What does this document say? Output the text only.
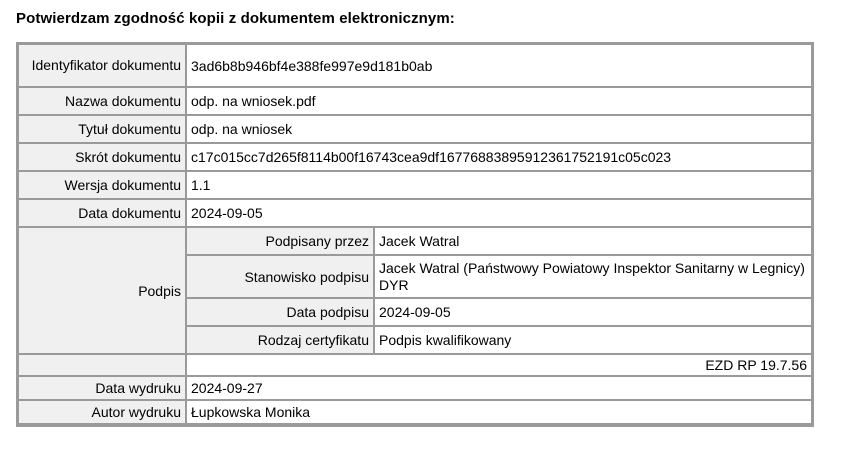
Potwierdzam zgodność kopii z dokumentem elektronicznym:
Identyfikator dokumentu	3ad6b8b946bf4e388fe997e9d181b0ab	
Nazwa dokumentu	odp. na wniosek.pdf	
Tytuł dokumentu	odp. na wniosek	
Skrót dokumentu	c17c015cc7d265f8114b00f16743cea9df16776883895912361752191c05c023	
Wersja dokumentu	1.1	
Data dokumentu	2024-09-05	
Podpis	Podpisany przez	Jacek Watral
	Stanowisko podpisu	Jacek Watral (Państwowy Powiatowy Inspektor Sanitarny w Legnicy) DYR

	Data podpisu	2024-09-05
	Rodzaj certyfikatu	Podpis kwalifikowany
	EZD RP 19.7.56	
Data wydruku	2024-09-27	
Autor wydruku	Łupkowska Monika	
